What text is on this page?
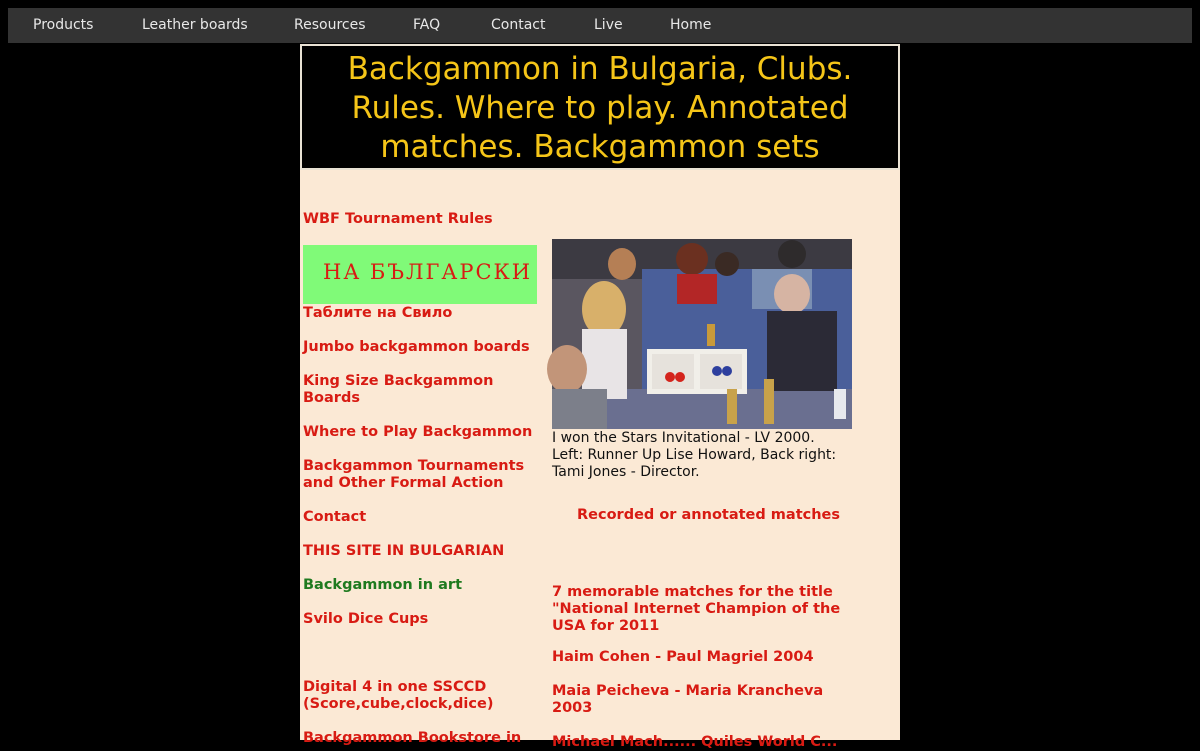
Products	Leather boards	Resources	FAQ	Contact	Live	Home
Backgammon in Bulgaria, Clubs.
Rules. Where to play. Annotated
matches. Backgammon sets
WBF Tournament Rules
НА БЪЛГАРСКИ
Таблите на Свило
Jumbo backgammon boards
King Size Backgammon
Boards
Where to Play Backgammon
Backgammon Tournaments
and Other Formal Action
Contact
THIS SITE IN BULGARIAN
Backgammon in art
Svilo Dice Cups
Digital 4 in one SSCCD
(Score,cube,clock,dice)
Backgammon Bookstore in
I won the Stars Invitational - LV 2000.
Left: Runner Up Lise Howard, Back right:
Tami Jones - Director.
Recorded or annotated matches
7 memorable matches for the title
"National Internet Champion of the
USA for 2011
Haim Cohen - Paul Magriel 2004
Maia Peicheva - Maria Krancheva
2003
Michael Mach...... Quiles World C...
